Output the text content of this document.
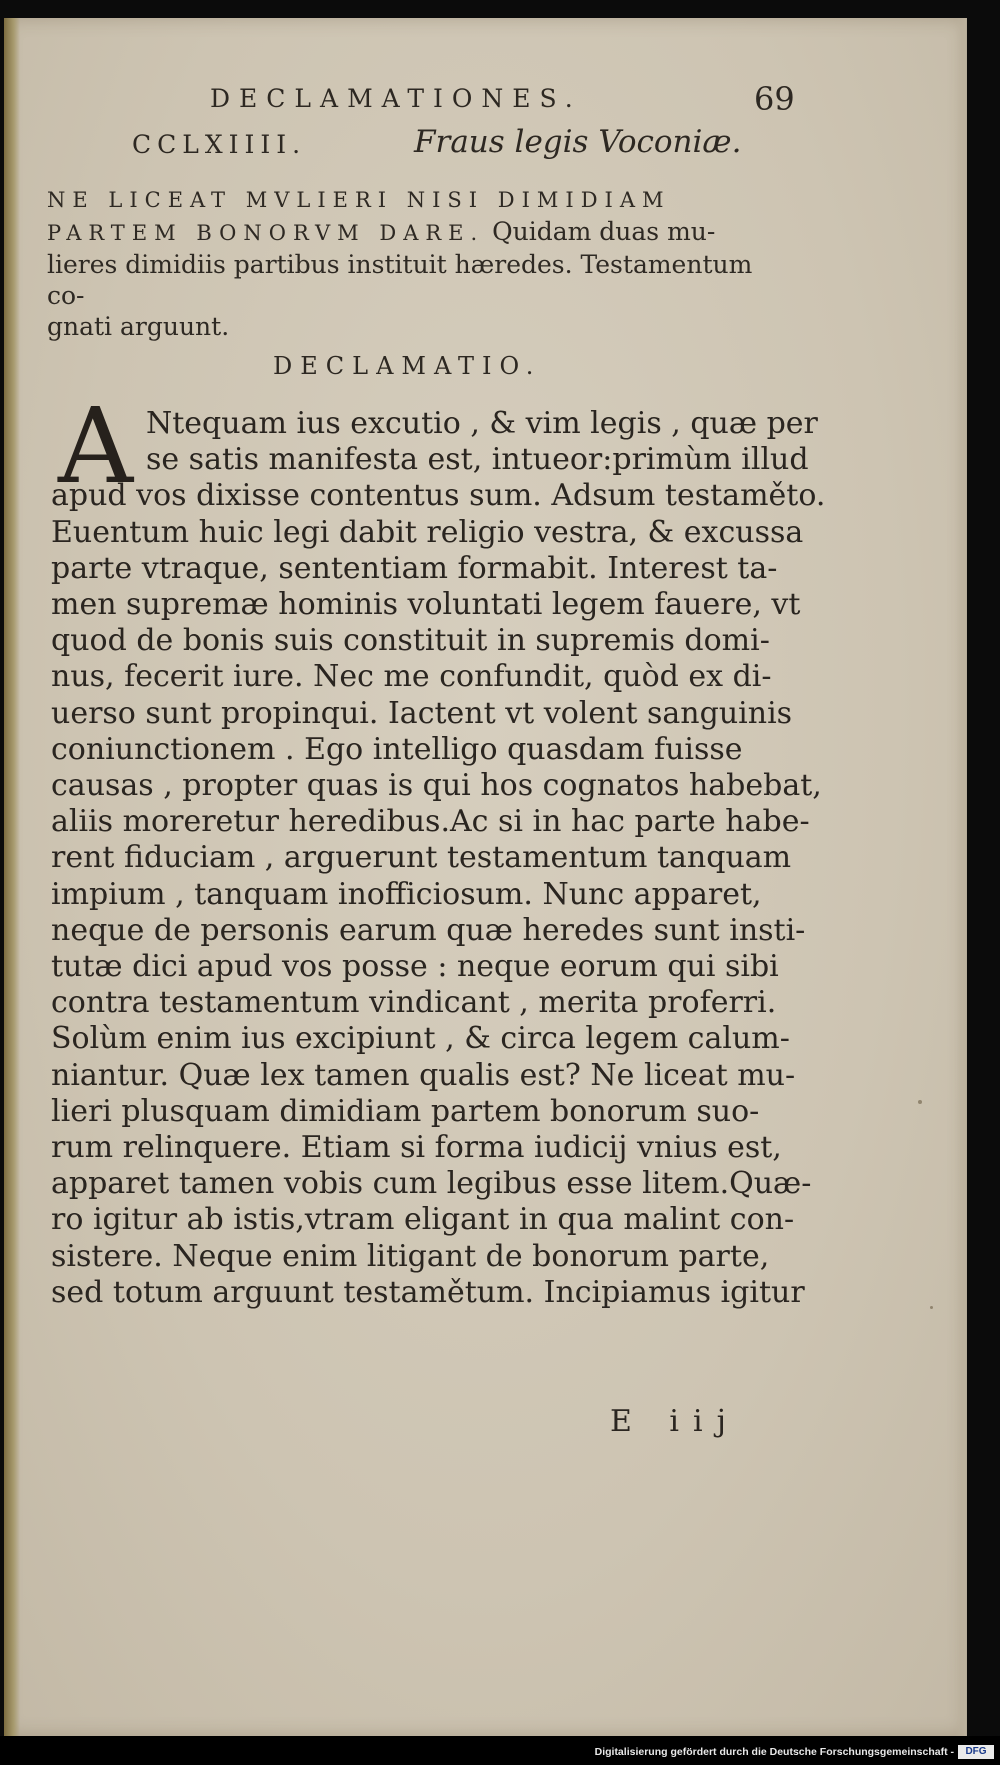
DECLAMATIONES.	69
CCLXIIII.	Fraus legis Voconiæ.
NE LICEAT MVLIERI NISI DIMIDIAM
PARTEM BONORVM DARE. Quidam duas mu-
lieres dimidiis partibus instituit hæredes. Testamentum co-
gnati arguunt.
DECLAMATIO.
A Ntequam ius excutio , & vim legis , quæ per
se satis manifesta est, intueor:primùm illud
apud vos dixisse contentus sum. Adsum testaměto.
Euentum huic legi dabit religio vestra, & excussa
parte vtraque, sententiam formabit. Interest ta-
men supremæ hominis voluntati legem fauere, vt
quod de bonis suis constituit in supremis domi-
nus, fecerit iure. Nec me confundit, quòd ex di-
uerso sunt propinqui. Iactent vt volent sanguinis
coniunctionem . Ego intelligo quasdam fuisse
causas , propter quas is qui hos cognatos habebat,
aliis moreretur heredibus.Ac si in hac parte habe-
rent fiduciam , arguerunt testamentum tanquam
impium , tanquam inofficiosum. Nunc apparet,
neque de personis earum quæ heredes sunt insti-
tutæ dici apud vos posse : neque eorum qui sibi
contra testamentum vindicant , merita proferri.
Solùm enim ius excipiunt , & circa legem calum-
niantur. Quæ lex tamen qualis est? Ne liceat mu-
lieri plusquam dimidiam partem bonorum suo-
rum relinquere. Etiam si forma iudicij vnius est,
apparet tamen vobis cum legibus esse litem.Quæ-
ro igitur ab istis,vtram eligant in qua malint con-
sistere. Neque enim litigant de bonorum parte,
sed totum arguunt testamětum. Incipiamus igitur
E iij
Digitalisierung gefördert durch die Deutsche Forschungsgemeinschaft -	DFG
